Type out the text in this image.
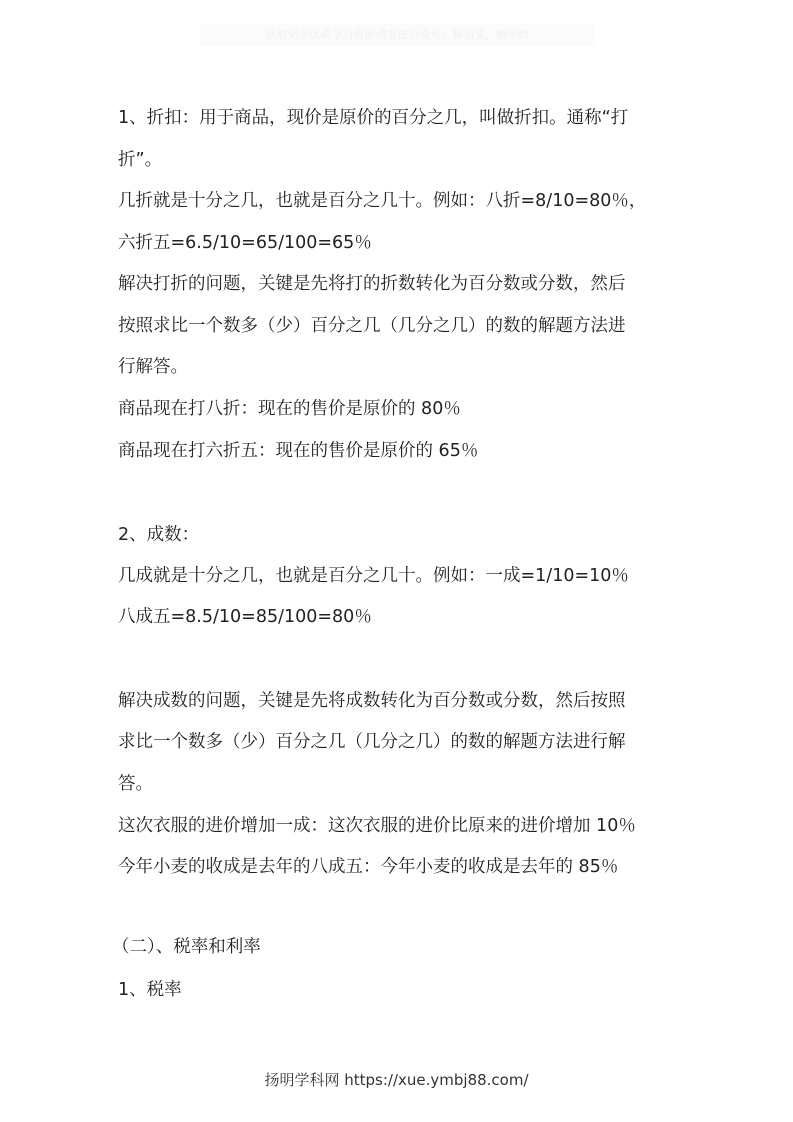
获取更多优质学习资源请关注公众号：解语文，解学政
1、折扣：用于商品，现价是原价的百分之几，叫做折扣。通称“打
折”。
几折就是十分之几，也就是百分之几十。例如：八折=8/10=80％，
六折五=6.5/10=65/100=65％
解决打折的问题，关键是先将打的折数转化为百分数或分数，然后
按照求比一个数多（少）百分之几（几分之几）的数的解题方法进
行解答。
商品现在打八折：现在的售价是原价的 80％
商品现在打六折五：现在的售价是原价的 65％
2、成数：
几成就是十分之几，也就是百分之几十。例如：一成=1/10=10％
八成五=8.5/10=85/100=80％
解决成数的问题，关键是先将成数转化为百分数或分数，然后按照
求比一个数多（少）百分之几（几分之几）的数的解题方法进行解
答。
这次衣服的进价增加一成：这次衣服的进价比原来的进价增加 10％
今年小麦的收成是去年的八成五：今年小麦的收成是去年的 85％
（二）、税率和利率
1、税率
扬明学科网 https://xue.ymbj88.com/
